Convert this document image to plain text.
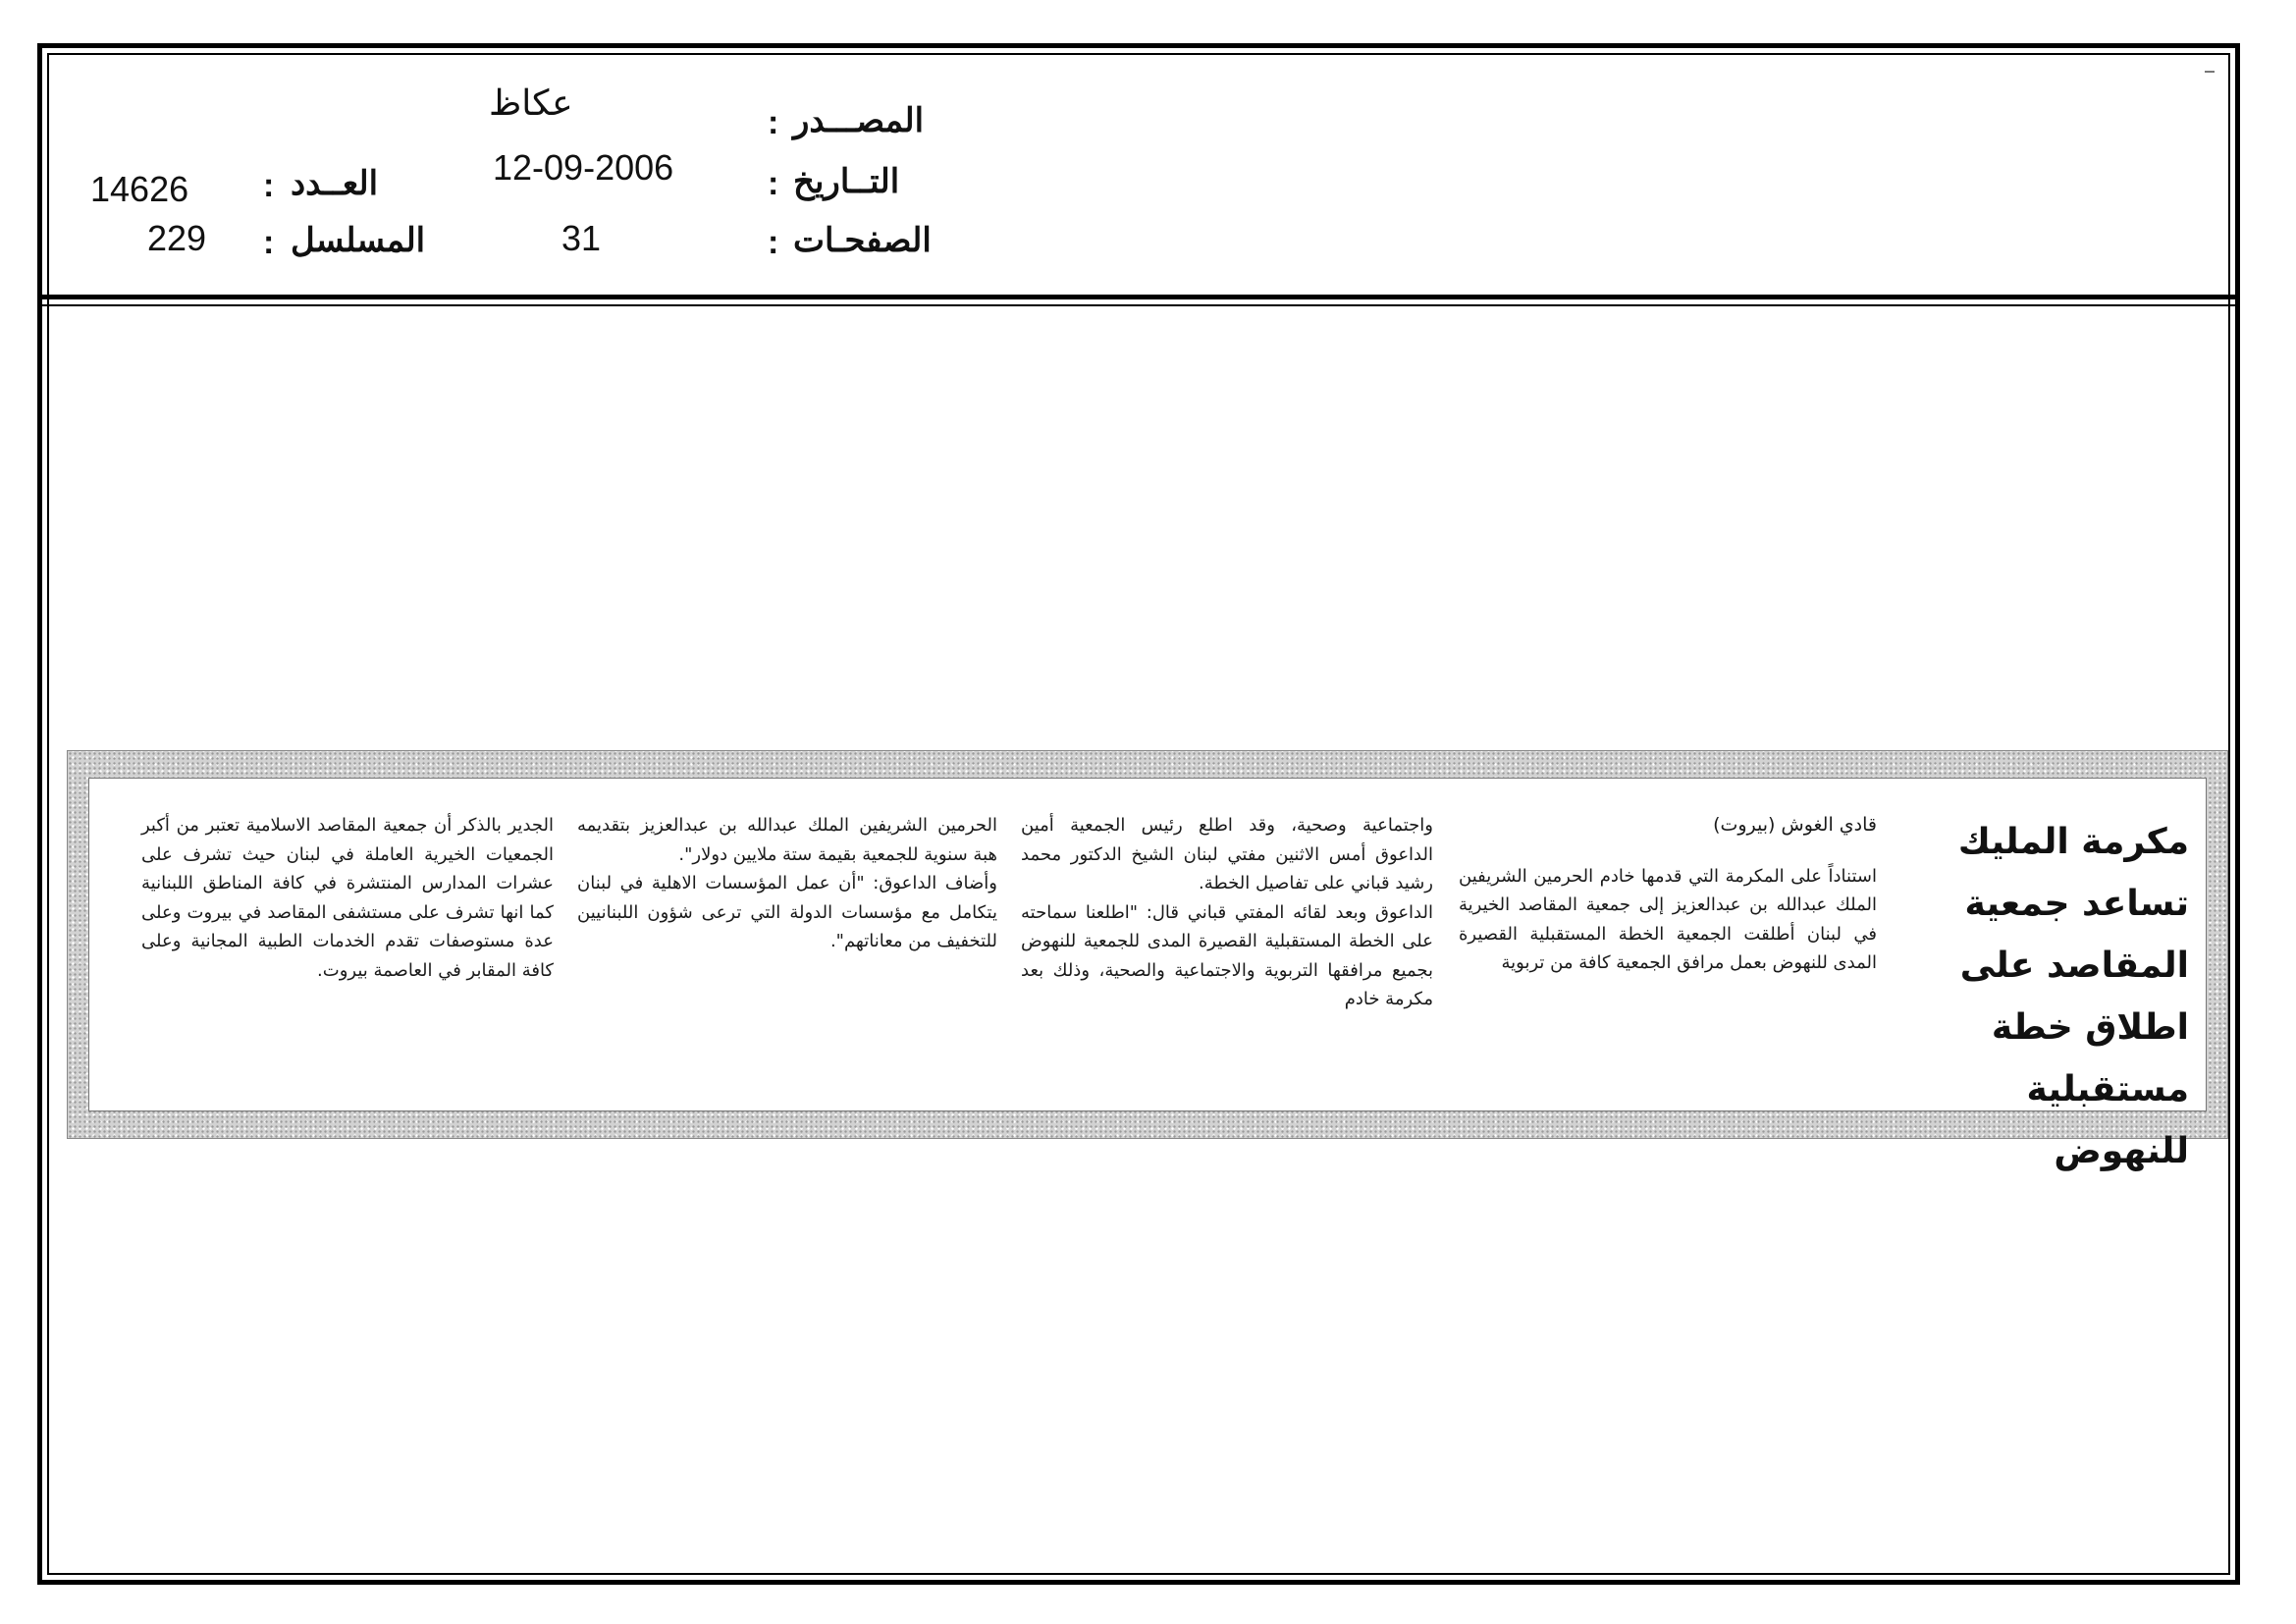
عكاظ	: المصـــدر
12-09-2006	: التــاريخ
31	: الصفحـات
14626 : العــدد
229 : المسلسل
مكرمة المليك تساعد جمعية المقاصد على اطلاق خطة مستقبلية للنهوض

قادي الغوش (بيروت)

استناداً على المكرمة التي قدمها خادم الحرمين الشريفين الملك عبدالله بن عبدالعزيز إلى جمعية المقاصد الخيرية في لبنان أطلقت الجمعية الخطة المستقبلية القصيرة المدى للنهوض بعمل مرافق الجمعية كافة من تربوية

واجتماعية وصحية، وقد اطلع رئيس الجمعية أمين الداعوق أمس الاثنين مفتي لبنان الشيخ الدكتور محمد رشيد قباني على تفاصيل الخطة.

الداعوق وبعد لقائه المفتي قباني قال: "اطلعنا سماحته على الخطة المستقبلية القصيرة المدى للجمعية للنهوض بجميع مرافقها التربوية والاجتماعية والصحية، وذلك بعد مكرمة خادم

الحرمين الشريفين الملك عبدالله بن عبدالعزيز بتقديمه هبة سنوية للجمعية بقيمة ستة ملايين دولار".

وأضاف الداعوق: "أن عمل المؤسسات الاهلية في لبنان يتكامل مع مؤسسات الدولة التي ترعى شؤون اللبنانيين للتخفيف من معاناتهم".

الجدير بالذكر أن جمعية المقاصد الاسلامية تعتبر من أكبر الجمعيات الخيرية العاملة في لبنان حيث تشرف على عشرات المدارس المنتشرة في كافة المناطق اللبنانية كما انها تشرف على مستشفى المقاصد في بيروت وعلى عدة مستوصفات تقدم الخدمات الطبية المجانية وعلى كافة المقابر في العاصمة بيروت.
